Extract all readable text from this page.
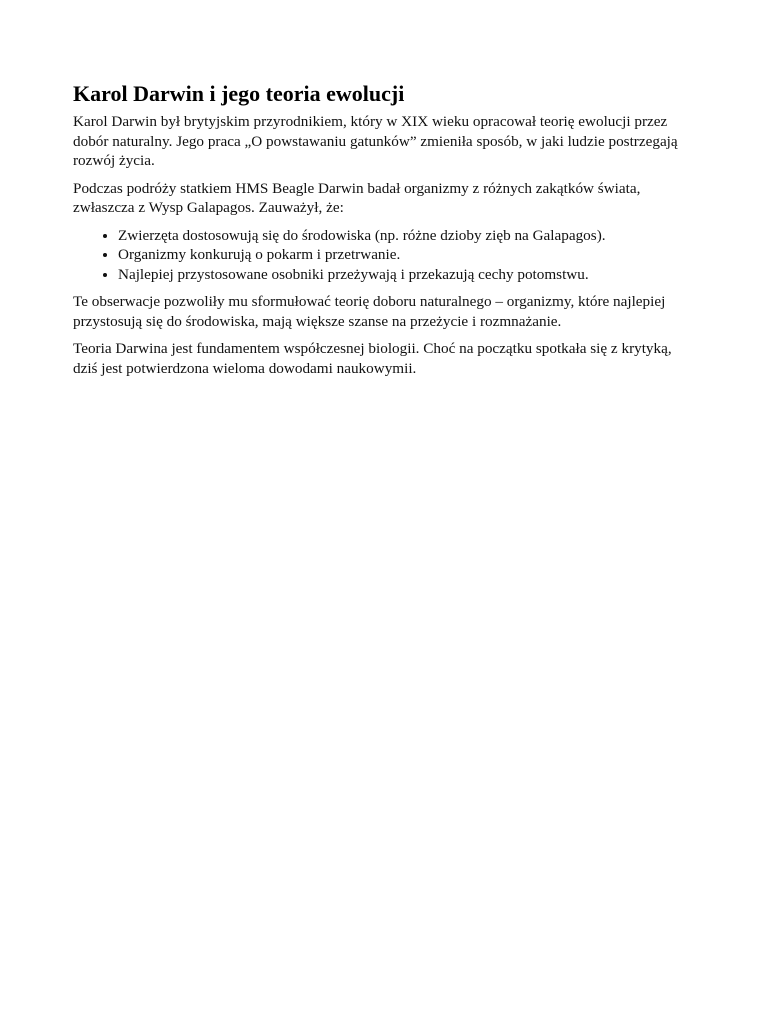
Karol Darwin i jego teoria ewolucji

Karol Darwin był brytyjskim przyrodnikiem, który w XIX wieku opracował teorię ewolucji przez dobór naturalny. Jego praca „O powstawaniu gatunków” zmieniła sposób, w jaki ludzie postrzegają rozwój życia.

Podczas podróży statkiem HMS Beagle Darwin badał organizmy z różnych zakątków świata, zwłaszcza z Wysp Galapagos. Zauważył, że:

• Zwierzęta dostosowują się do środowiska (np. różne dzioby zięb na Galapagos).
• Organizmy konkurują o pokarm i przetrwanie.
• Najlepiej przystosowane osobniki przeżywają i przekazują cechy potomstwu.

Te obserwacje pozwoliły mu sformułować teorię doboru naturalnego – organizmy, które najlepiej przystosują się do środowiska, mają większe szanse na przeżycie i rozmnażanie.

Teoria Darwina jest fundamentem współczesnej biologii. Choć na początku spotkała się z krytyką, dziś jest potwierdzona wieloma dowodami naukowymii.
